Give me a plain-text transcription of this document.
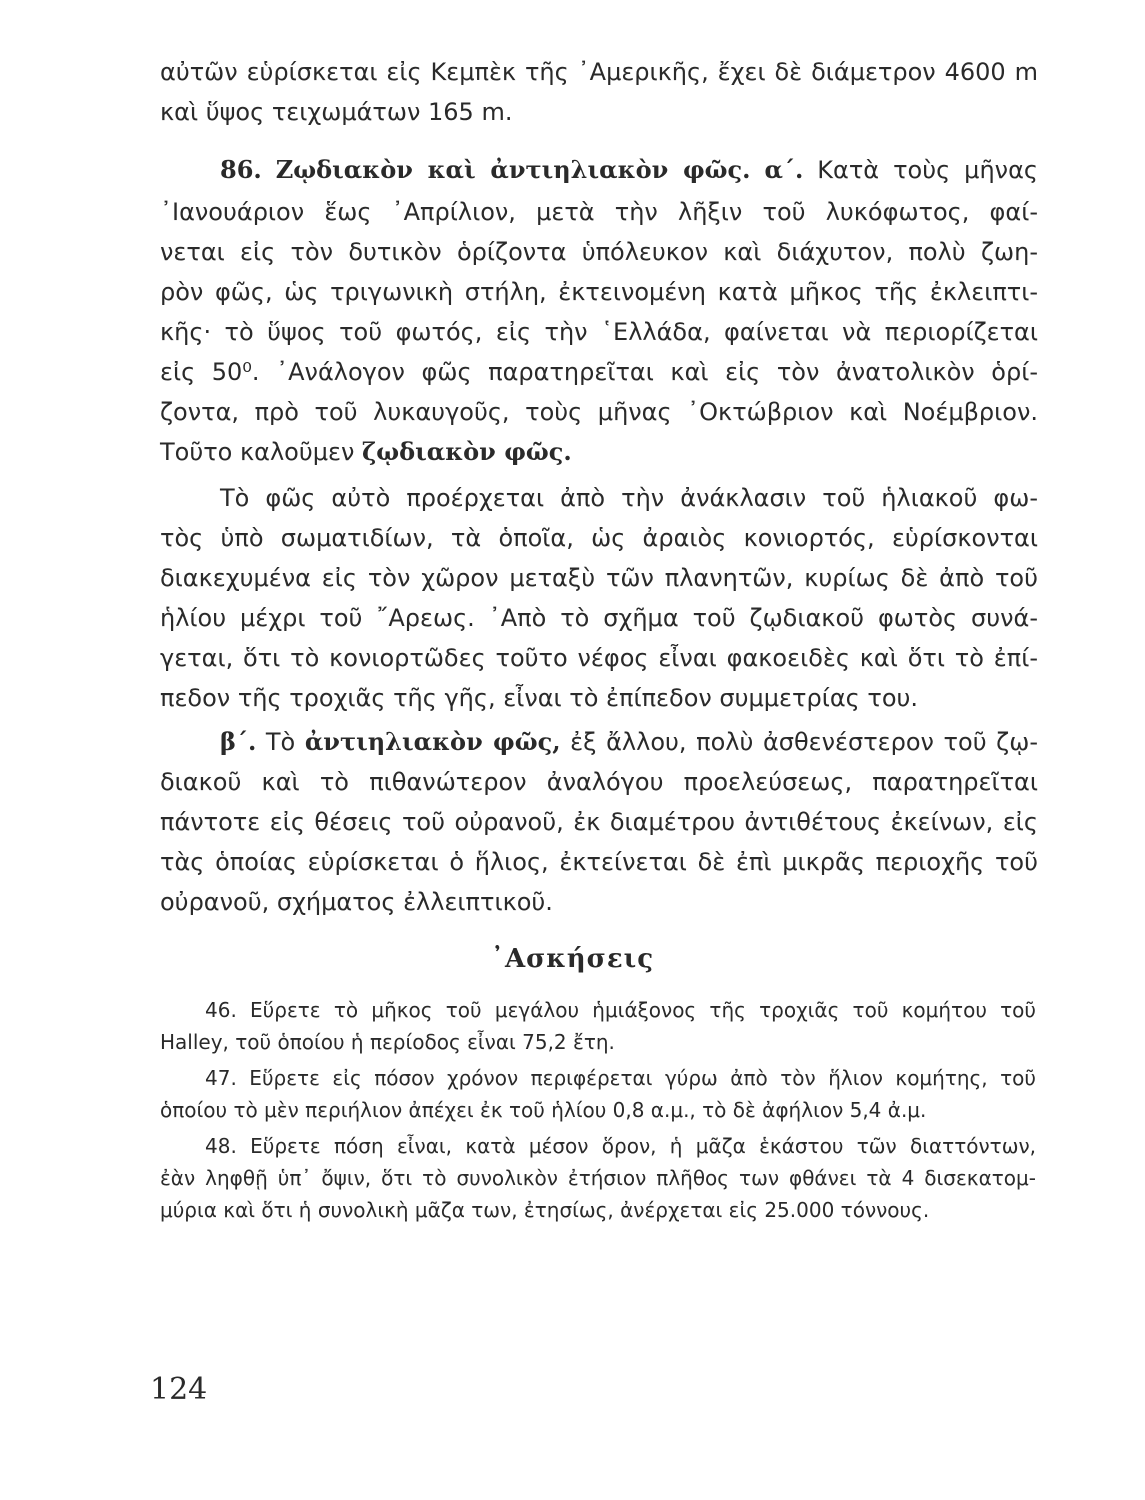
αὐτῶν εὑρίσκεται εἰς Κεμπὲκ τῆς ᾽Αμερικῆς, ἔχει δὲ διάμετρον 4600 m
καὶ ὕψος τειχωμάτων 165 m.
86. Ζῳδιακὸν καὶ ἀντιηλιακὸν φῶς. α΄. Κατὰ τοὺς μῆνας
᾽Ιανουάριον ἕως ᾽Απρίλιον, μετὰ τὴν λῆξιν τοῦ λυκόφωτος, φαί-
νεται εἰς τὸν δυτικὸν ὁρίζοντα ὑπόλευκον καὶ διάχυτον, πολὺ ζωη-
ρὸν φῶς, ὡς τριγωνικὴ στήλη, ἐκτεινομένη κατὰ μῆκος τῆς ἐκλειπτι-
κῆς· τὸ ὕψος τοῦ φωτός, εἰς τὴν ῾Ελλάδα, φαίνεται νὰ περιορίζεται
εἰς 50⁰. ᾽Ανάλογον φῶς παρατηρεῖται καὶ εἰς τὸν ἀνατολικὸν ὁρί-
ζοντα, πρὸ τοῦ λυκαυγοῦς, τοὺς μῆνας ᾽Οκτώβριον καὶ Νοέμβριον.
Τοῦτο καλοῦμεν ζῳδιακὸν φῶς.
Τὸ φῶς αὐτὸ προέρχεται ἀπὸ τὴν ἀνάκλασιν τοῦ ἡλιακοῦ φω-
τὸς ὑπὸ σωματιδίων, τὰ ὁποῖα, ὡς ἀραιὸς κονιορτός, εὑρίσκονται
διακεχυμένα εἰς τὸν χῶρον μεταξὺ τῶν πλανητῶν, κυρίως δὲ ἀπὸ τοῦ
ἡλίου μέχρι τοῦ ῎Αρεως. ᾽Απὸ τὸ σχῆμα τοῦ ζῳδιακοῦ φωτὸς συνά-
γεται, ὅτι τὸ κονιορτῶδες τοῦτο νέφος εἶναι φακοειδὲς καὶ ὅτι τὸ ἐπί-
πεδον τῆς τροχιᾶς τῆς γῆς, εἶναι τὸ ἐπίπεδον συμμετρίας του.
β΄. Τὸ ἀντιηλιακὸν φῶς, ἐξ ἄλλου, πολὺ ἀσθενέστερον τοῦ ζῳ-
διακοῦ καὶ τὸ πιθανώτερον ἀναλόγου προελεύσεως, παρατηρεῖται
πάντοτε εἰς θέσεις τοῦ οὐρανοῦ, ἐκ διαμέτρου ἀντιθέτους ἐκείνων, εἰς
τὰς ὁποίας εὑρίσκεται ὁ ἥλιος, ἐκτείνεται δὲ ἐπὶ μικρᾶς περιοχῆς τοῦ
οὐρανοῦ, σχήματος ἐλλειπτικοῦ.
᾽Ασκήσεις
46. Εὕρετε τὸ μῆκος τοῦ μεγάλου ἡμιάξονος τῆς τροχιᾶς τοῦ κομήτου τοῦ
Halley, τοῦ ὁποίου ἡ περίοδος εἶναι 75,2 ἔτη.
47. Εὕρετε εἰς πόσον χρόνον περιφέρεται γύρω ἀπὸ τὸν ἥλιον κομήτης, τοῦ
ὁποίου τὸ μὲν περιήλιον ἀπέχει ἐκ τοῦ ἡλίου 0,8 α.μ., τὸ δὲ ἀφήλιον 5,4 ἀ.μ.
48. Εὕρετε πόση εἶναι, κατὰ μέσον ὅρον, ἡ μᾶζα ἑκάστου τῶν διαττόντων,
ἐὰν ληφθῇ ὑπ᾽ ὄψιν, ὅτι τὸ συνολικὸν ἐτήσιον πλῆθος των φθάνει τὰ 4 δισεκατομ-
μύρια καὶ ὅτι ἡ συνολικὴ μᾶζα των, ἐτησίως, ἀνέρχεται εἰς 25.000 τόννους.
124
